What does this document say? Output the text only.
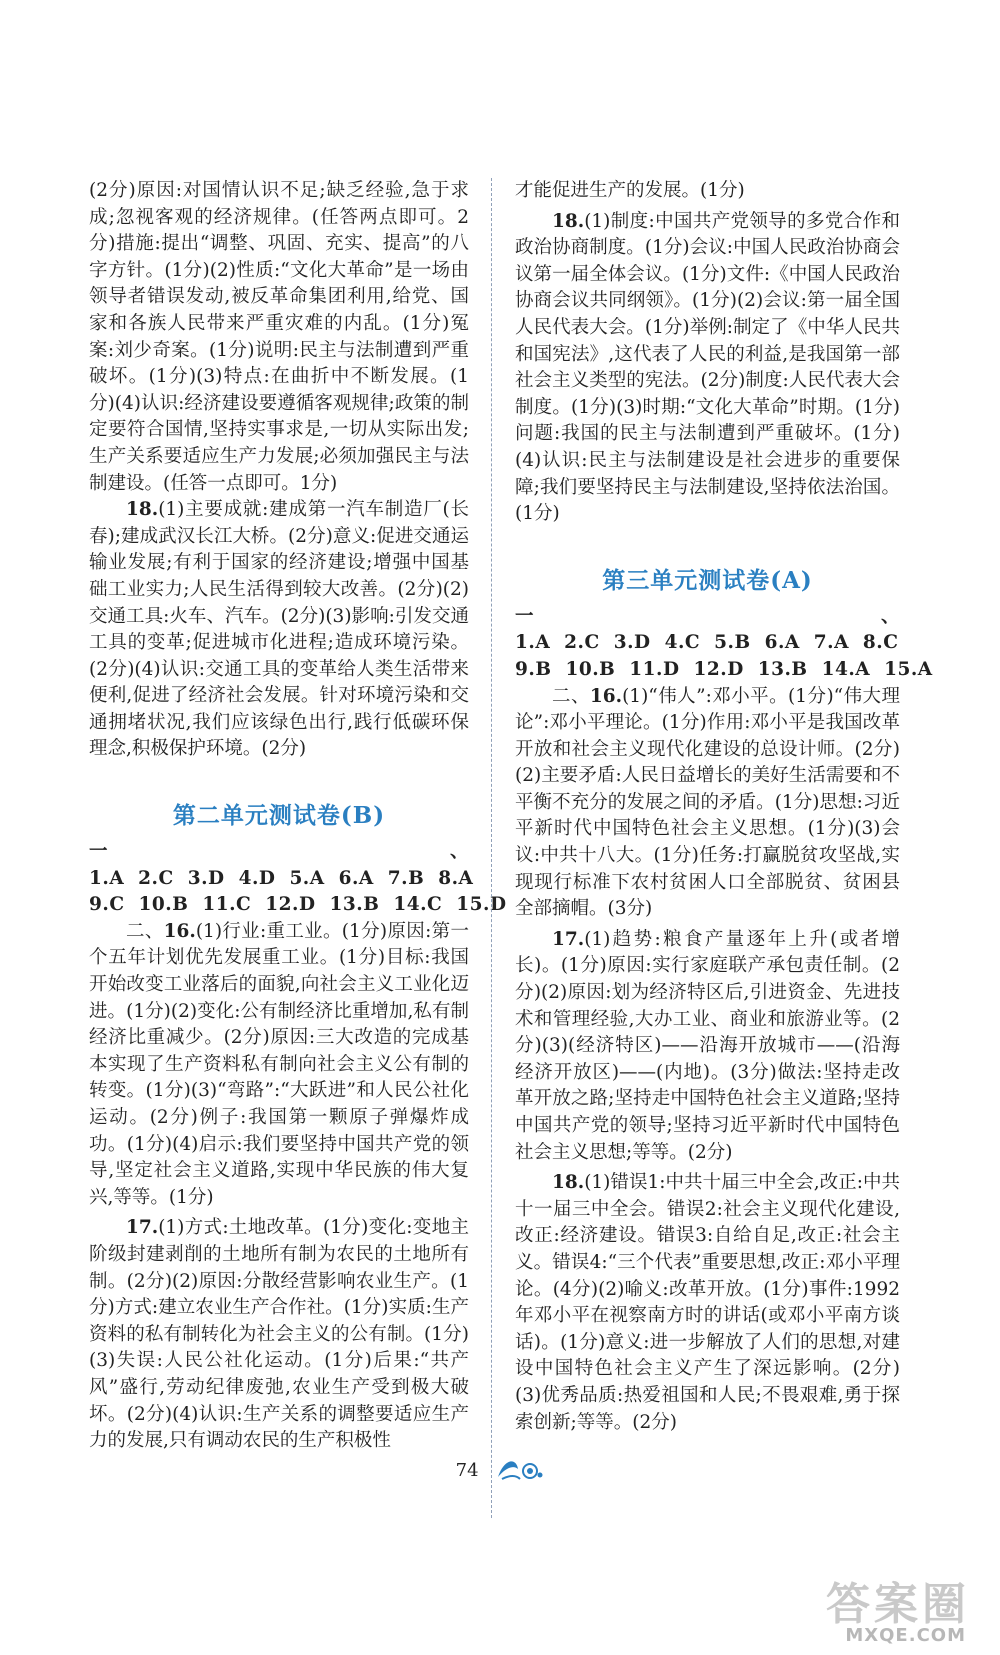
(2分)原因:对国情认识不足;缺乏经验,急于求成;忽视客观的经济规律。(任答两点即可。2分)措施:提出“调整、巩固、充实、提高”的八字方针。(1分)(2)性质:“文化大革命”是一场由领导者错误发动,被反革命集团利用,给党、国家和各族人民带来严重灾难的内乱。(1分)冤案:刘少奇案。(1分)说明:民主与法制遭到严重破坏。(1分)(3)特点:在曲折中不断发展。(1分)(4)认识:经济建设要遵循客观规律;政策的制定要符合国情,坚持实事求是,一切从实际出发;生产关系要适应生产力发展;必须加强民主与法制建设。(任答一点即可。1分)

18.(1)主要成就:建成第一汽车制造厂(长春);建成武汉长江大桥。(2分)意义:促进交通运输业发展;有利于国家的经济建设;增强中国基础工业实力;人民生活得到较大改善。(2分)(2)交通工具:火车、汽车。(2分)(3)影响:引发交通工具的变革;促进城市化进程;造成环境污染。(2分)(4)认识:交通工具的变革给人类生活带来便利,促进了经济社会发展。针对环境污染和交通拥堵状况,我们应该绿色出行,践行低碳环保理念,积极保护环境。(2分)

第二单元测试卷(B)
一、1.A 2.C 3.D 4.D 5.A 6.A 7.B 8.A
9.C 10.B 11.C 12.D 13.B 14.C 15.D

二、16.(1)行业:重工业。(1分)原因:第一个五年计划优先发展重工业。(1分)目标:我国开始改变工业落后的面貌,向社会主义工业化迈进。(1分)(2)变化:公有制经济比重增加,私有制经济比重减少。(2分)原因:三大改造的完成基本实现了生产资料私有制向社会主义公有制的转变。(1分)(3)“弯路”:“大跃进”和人民公社化运动。(2分)例子:我国第一颗原子弹爆炸成功。(1分)(4)启示:我们要坚持中国共产党的领导,坚定社会主义道路,实现中华民族的伟大复兴,等等。(1分)

17.(1)方式:土地改革。(1分)变化:变地主阶级封建剥削的土地所有制为农民的土地所有制。(2分)(2)原因:分散经营影响农业生产。(1分)方式:建立农业生产合作社。(1分)实质:生产资料的私有制转化为社会主义的公有制。(1分)(3)失误:人民公社化运动。(1分)后果:“共产风”盛行,劳动纪律废弛,农业生产受到极大破坏。(2分)(4)认识:生产关系的调整要适应生产力的发展,只有调动农民的生产积极性

才能促进生产的发展。(1分)

18.(1)制度:中国共产党领导的多党合作和政治协商制度。(1分)会议:中国人民政治协商会议第一届全体会议。(1分)文件:《中国人民政治协商会议共同纲领》。(1分)(2)会议:第一届全国人民代表大会。(1分)举例:制定了《中华人民共和国宪法》,这代表了人民的利益,是我国第一部社会主义类型的宪法。(2分)制度:人民代表大会制度。(1分)(3)时期:“文化大革命”时期。(1分)问题:我国的民主与法制遭到严重破坏。(1分)(4)认识:民主与法制建设是社会进步的重要保障;我们要坚持民主与法制建设,坚持依法治国。(1分)

第三单元测试卷(A)
一、1.A 2.C 3.D 4.C 5.B 6.A 7.A 8.C
9.B 10.B 11.D 12.D 13.B 14.A 15.A

二、16.(1)“伟人”:邓小平。(1分)“伟大理论”:邓小平理论。(1分)作用:邓小平是我国改革开放和社会主义现代化建设的总设计师。(2分)(2)主要矛盾:人民日益增长的美好生活需要和不平衡不充分的发展之间的矛盾。(1分)思想:习近平新时代中国特色社会主义思想。(1分)(3)会议:中共十八大。(1分)任务:打赢脱贫攻坚战,实现现行标准下农村贫困人口全部脱贫、贫困县全部摘帽。(3分)

17.(1)趋势:粮食产量逐年上升(或者增长)。(1分)原因:实行家庭联产承包责任制。(2分)(2)原因:划为经济特区后,引进资金、先进技术和管理经验,大办工业、商业和旅游业等。(2分)(3)(经济特区)——沿海开放城市——(沿海经济开放区)——(内地)。(3分)做法:坚持走改革开放之路;坚持走中国特色社会主义道路;坚持中国共产党的领导;坚持习近平新时代中国特色社会主义思想;等等。(2分)

18.(1)错误1:中共十届三中全会,改正:中共十一届三中全会。错误2:社会主义现代化建设,改正:经济建设。错误3:自给自足,改正:社会主义。错误4:“三个代表”重要思想,改正:邓小平理论。(4分)(2)喻义:改革开放。(1分)事件:1992年邓小平在视察南方时的讲话(或邓小平南方谈话)。(1分)意义:进一步解放了人们的思想,对建设中国特色社会主义产生了深远影响。(2分)(3)优秀品质:热爱祖国和人民;不畏艰难,勇于探索创新;等等。(2分)

74
答案圈
MXQE.COM
